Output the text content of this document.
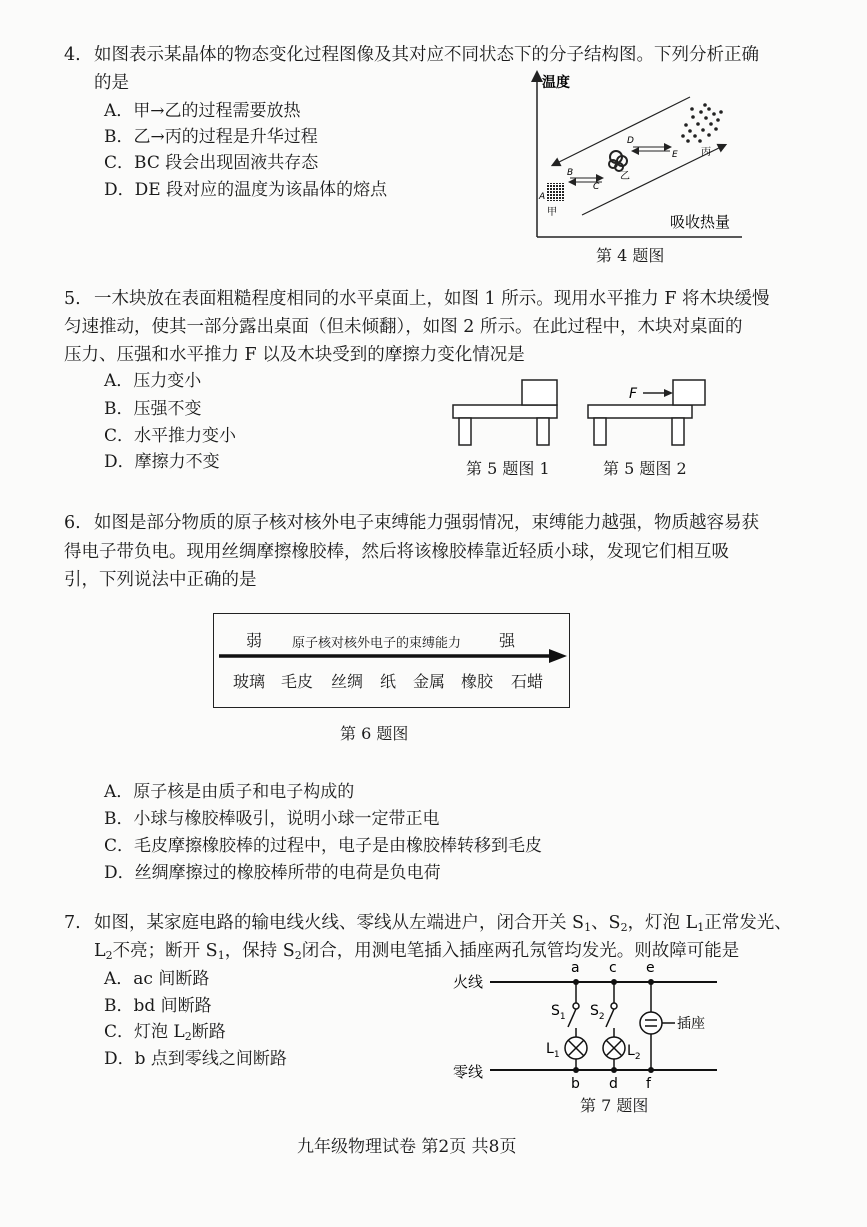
4. 如图表示某晶体的物态变化过程图像及其对应不同状态下的分子结构图。下列分析正确
的是
A．甲→乙的过程需要放热
B．乙→丙的过程是升华过程
C．BC 段会出现固液共存态
D．DE 段对应的温度为该晶体的熔点
温度
吸收热量
A
甲
B
C
乙
D
E 丙
第 4 题图
5. 一木块放在表面粗糙程度相同的水平桌面上，如图 1 所示。现用水平推力 F 将木块缓慢
匀速推动，使其一部分露出桌面（但未倾翻），如图 2 所示。在此过程中，木块对桌面的
压力、压强和水平推力 F 以及木块受到的摩擦力变化情况是
A．压力变小
B．压强不变
C．水平推力变小
D．摩擦力不变
F
第 5 题图 1	第 5 题图 2
6. 如图是部分物质的原子核对核外电子束缚能力强弱情况，束缚能力越强，物质越容易获
得电子带负电。现用丝绸摩擦橡胶棒，然后将该橡胶棒靠近轻质小球，发现它们相互吸
引，下列说法中正确的是
弱 原子核对核外电子的束缚能力 强
玻璃 毛皮 丝绸 纸 金属 橡胶 石蜡
第 6 题图
A．原子核是由质子和电子构成的
B．小球与橡胶棒吸引，说明小球一定带正电
C．毛皮摩擦橡胶棒的过程中，电子是由橡胶棒转移到毛皮
D．丝绸摩擦过的橡胶棒所带的电荷是负电荷
7. 如图，某家庭电路的输电线火线、零线从左端进户，闭合开关 $S_1$、$S_2$，灯泡 $L_1$正常发光、
$L_2$不亮；断开 $S_1$，保持 $S_2$闭合，用测电笔插入插座两孔氖管均发光。则故障可能是
A．ac 间断路
B．bd 间断路
C．灯泡 $L_2$断路
D．b 点到零线之间断路
火线
零线
a c e
b d f
插座
$S_1$ $S_2$
$L_1$	$L_2$
第 7 题图
九年级物理试卷 第2页 共8页
